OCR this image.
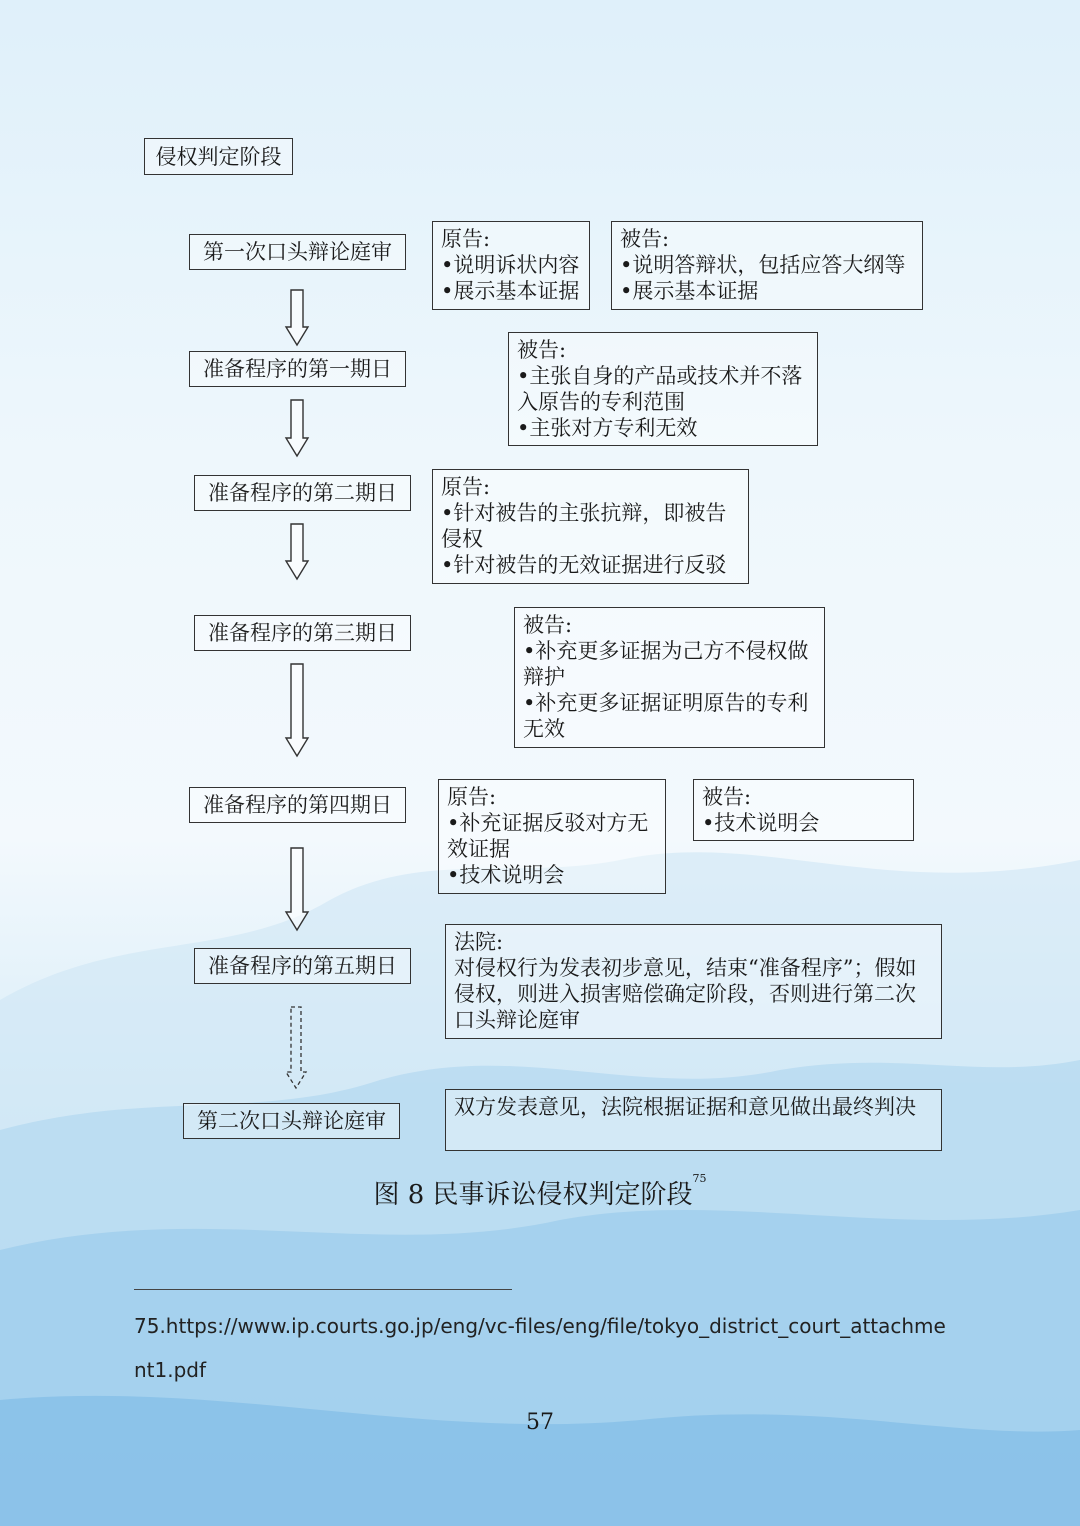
侵权判定阶段
第一次口头辩论庭审
准备程序的第一期日
准备程序的第二期日
准备程序的第三期日
准备程序的第四期日
准备程序的第五期日
第二次口头辩论庭审
原告:
•说明诉状内容
•展示基本证据
被告:
•说明答辩状，包括应答大纲等
•展示基本证据
被告:
•主张自身的产品或技术并不落入原告的专利范围
•主张对方专利无效
原告:
•针对被告的主张抗辩，即被告侵权
•针对被告的无效证据进行反驳
被告:
•补充更多证据为己方不侵权做辩护
•补充更多证据证明原告的专利无效
原告:
•补充证据反驳对方无效证据
•技术说明会
被告:
•技术说明会
法院:
对侵权行为发表初步意见，结束“准备程序”；假如侵权，则进入损害赔偿确定阶段，否则进行第二次口头辩论庭审
双方发表意见，法院根据证据和意见做出最终判决
图 8 民事诉讼侵权判定阶段$^{75}$
75.https://www.ip.courts.go.jp/eng/vc-files/eng/file/tokyo_district_court_attachment1.pdf
57
